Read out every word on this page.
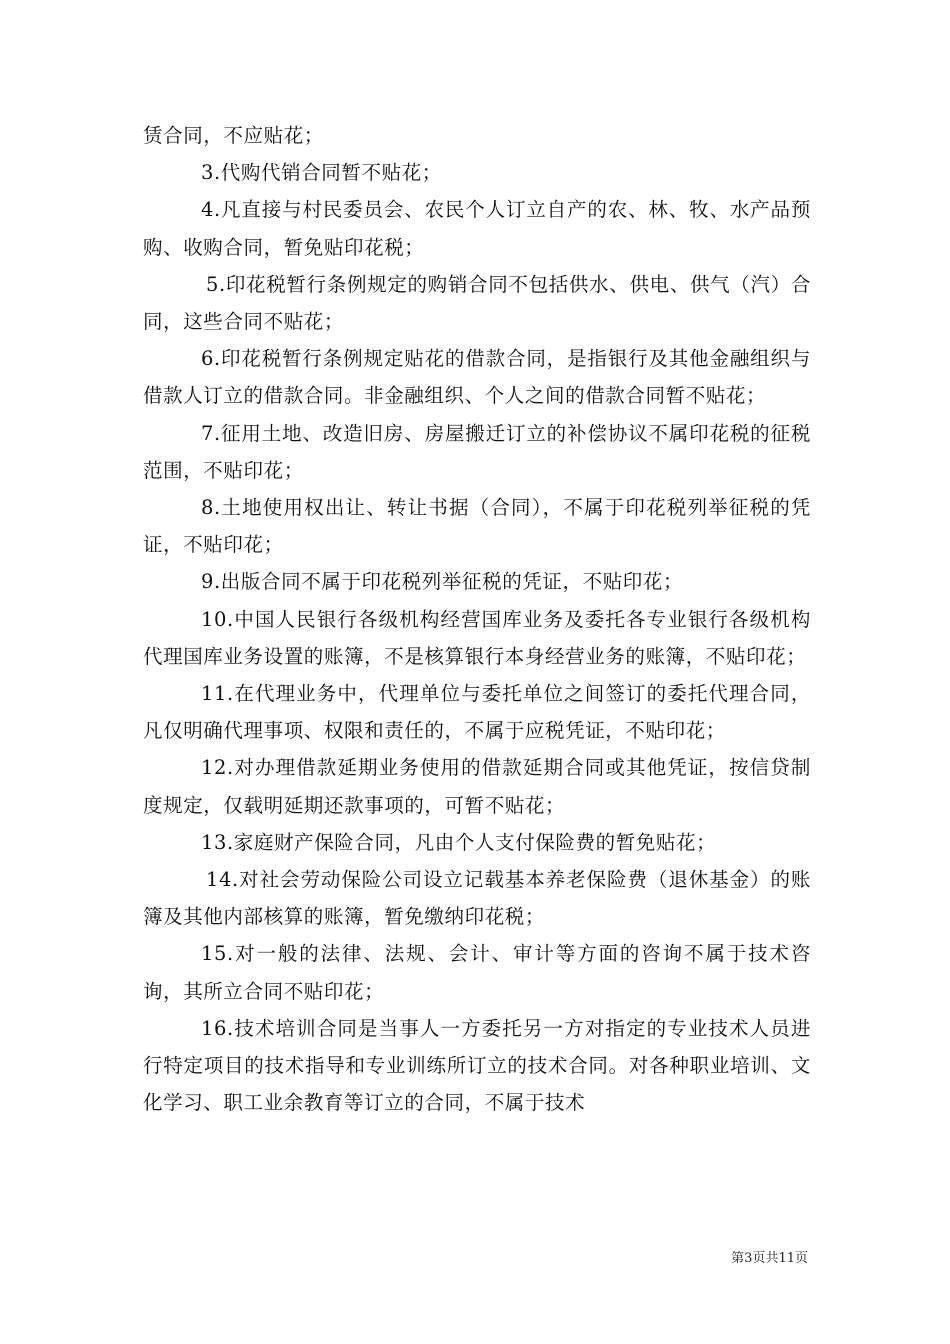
赁合同，不应贴花；

3.代购代销合同暂不贴花；

4.凡直接与村民委员会、农民个人订立自产的农、林、牧、水产品预购、收购合同，暂免贴印花税；

5.印花税暂行条例规定的购销合同不包括供水、供电、供气（汽）合同，这些合同不贴花；

6.印花税暂行条例规定贴花的借款合同，是指银行及其他金融组织与借款人订立的借款合同。非金融组织、个人之间的借款合同暂不贴花；

7.征用土地、改造旧房、房屋搬迁订立的补偿协议不属印花税的征税范围，不贴印花；

8.土地使用权出让、转让书据（合同），不属于印花税列举征税的凭证，不贴印花；

9.出版合同不属于印花税列举征税的凭证，不贴印花；

10.中国人民银行各级机构经营国库业务及委托各专业银行各级机构代理国库业务设置的账簿，不是核算银行本身经营业务的账簿，不贴印花；

11.在代理业务中，代理单位与委托单位之间签订的委托代理合同，凡仅明确代理事项、权限和责任的，不属于应税凭证，不贴印花；

12.对办理借款延期业务使用的借款延期合同或其他凭证，按信贷制度规定，仅载明延期还款事项的，可暂不贴花；

13.家庭财产保险合同，凡由个人支付保险费的暂免贴花；

14.对社会劳动保险公司设立记载基本养老保险费（退休基金）的账簿及其他内部核算的账簿，暂免缴纳印花税；

15.对一般的法律、法规、会计、审计等方面的咨询不属于技术咨询，其所立合同不贴印花；

16.技术培训合同是当事人一方委托另一方对指定的专业技术人员进行特定项目的技术指导和专业训练所订立的技术合同。对各种职业培训、文化学习、职工业余教育等订立的合同，不属于技术

第3页共11页
